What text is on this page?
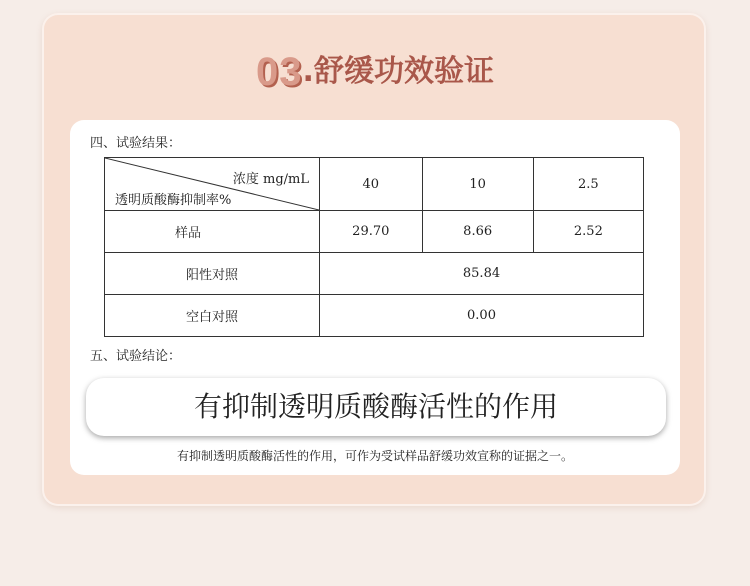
03.舒缓功效验证
四、试验结果：
浓度 mg/mL
透明质酸酶抑制率%	40	10	2.5
样品	29.70	8.66	2.52
阳性对照	85.84		
空白对照	0.00		
五、试验结论：
有抑制透明质酸酶活性的作用
有抑制透明质酸酶活性的作用，可作为受试样品舒缓功效宣称的证据之一。
